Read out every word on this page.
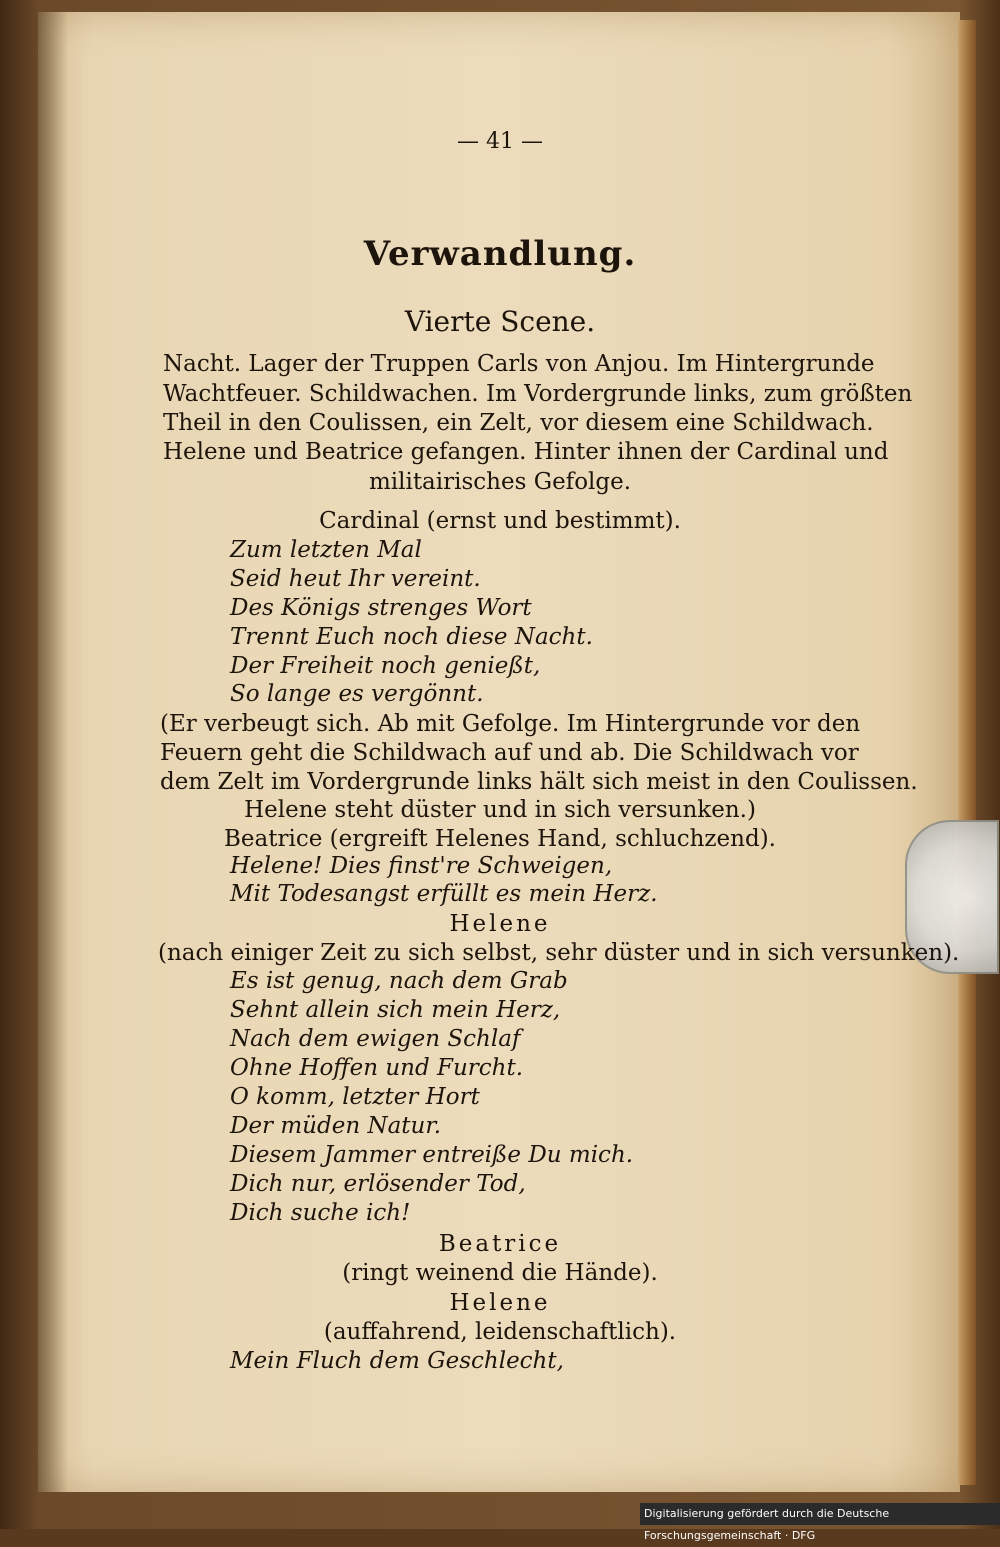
— 41 —
Verwandlung.
Vierte Scene.
Nacht. Lager der Truppen Carls von Anjou. Im Hintergrunde
Wachtfeuer. Schildwachen. Im Vordergrunde links, zum größten
Theil in den Coulissen, ein Zelt, vor diesem eine Schildwach.
Helene und Beatrice gefangen. Hinter ihnen der Cardinal und
militairisches Gefolge.
Cardinal (ernst und bestimmt).
Zum letzten Mal
Seid heut Ihr vereint.
Des Königs strenges Wort
Trennt Euch noch diese Nacht.
Der Freiheit noch genießt,
So lange es vergönnt.
(Er verbeugt sich. Ab mit Gefolge. Im Hintergrunde vor den
Feuern geht die Schildwach auf und ab. Die Schildwach vor
dem Zelt im Vordergrunde links hält sich meist in den Coulissen.
Helene steht düster und in sich versunken.)
Beatrice (ergreift Helenes Hand, schluchzend).
Helene! Dies finst're Schweigen,
Mit Todesangst erfüllt es mein Herz.
Helene
(nach einiger Zeit zu sich selbst, sehr düster und in sich versunken).
Es ist genug, nach dem Grab
Sehnt allein sich mein Herz,
Nach dem ewigen Schlaf
Ohne Hoffen und Furcht.
O komm, letzter Hort
Der müden Natur.
Diesem Jammer entreiße Du mich.
Dich nur, erlösender Tod,
Dich suche ich!
Beatrice
(ringt weinend die Hände).
Helene
(auffahrend, leidenschaftlich).
Mein Fluch dem Geschlecht,
Digitalisierung gefördert durch die Deutsche Forschungsgemeinschaft · DFG
